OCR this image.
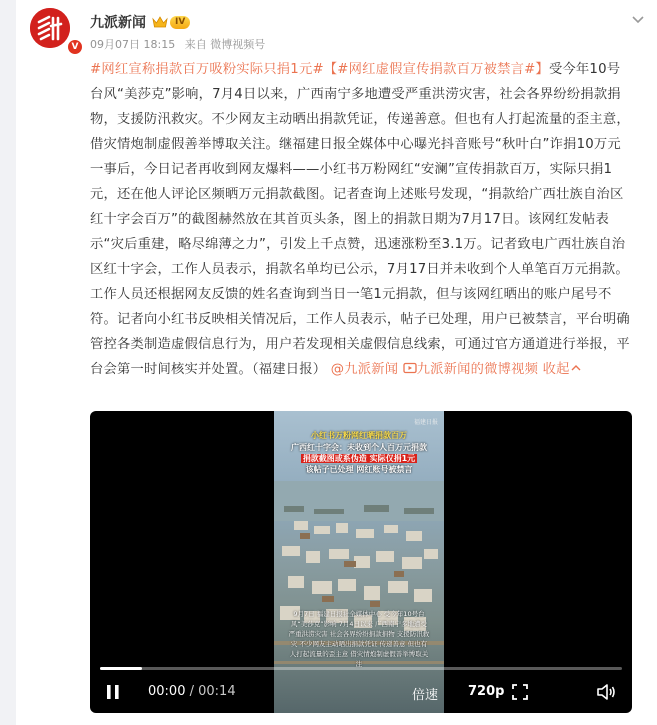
V
九派新闻	IV
09月07日 18:15 来自 微博视频号

#网红宣称捐款百万吸粉实际只捐1元#【#网红虚假宣传捐款百万被禁言#】受今年10号台风“美莎克”影响，7月4日以来，广西南宁多地遭受严重洪涝灾害，社会各界纷纷捐款捐物，支援防汛救灾。不少网友主动晒出捐款凭证，传递善意。但也有人打起流量的歪主意，借灾情炮制虚假善举博取关注。继福建日报全媒体中心曝光抖音账号“秋叶白”诈捐10万元一事后，今日记者再收到网友爆料——小红书万粉网红“安澜”宣传捐款百万，实际只捐1元，还在他人评论区频晒万元捐款截图。记者查询上述账号发现，“捐款给广西壮族自治区红十字会百万”的截图赫然放在其首页头条，图上的捐款日期为7月17日。该网红发帖表示“灾后重建，略尽绵薄之力”，引发上千点赞，迅速涨粉至3.1万。记者致电广西壮族自治区红十字会，工作人员表示，捐款名单均已公示，7月17日并未收到个人单笔百万元捐款。工作人员还根据网友反馈的姓名查询到当日一笔1元捐款，但与该网红晒出的账户尾号不符。记者向小红书反映相关情况后，工作人员表示，帖子已处理，用户已被禁言，平台明确管控各类制造虚假信息行为，用户若发现相关虚假信息线索，可通过官方通道进行举报，平台会第一时间核实并处置。（福建日报） @九派新闻 九派新闻的微博视频 收起

福建日报
小红书万粉网红晒捐款百万
广西红十字会：未收到个人百万元捐款
捐款截图或系伪造 实际仅捐1元
该帖子已处理 网红账号被禁言
9月7日 福建日报社全媒体中心 受今年10号台风“美莎克”影响 7月4日以来 广西南宁多地遭受严重洪涝灾害 社会各界纷纷捐款捐物 支援防汛救灾 不少网友主动晒出捐款凭证 传递善意 但也有人打起流量的歪主意 借灾情炮制虚假善举博取关注
00:00 / 00:14	倍速 720p
